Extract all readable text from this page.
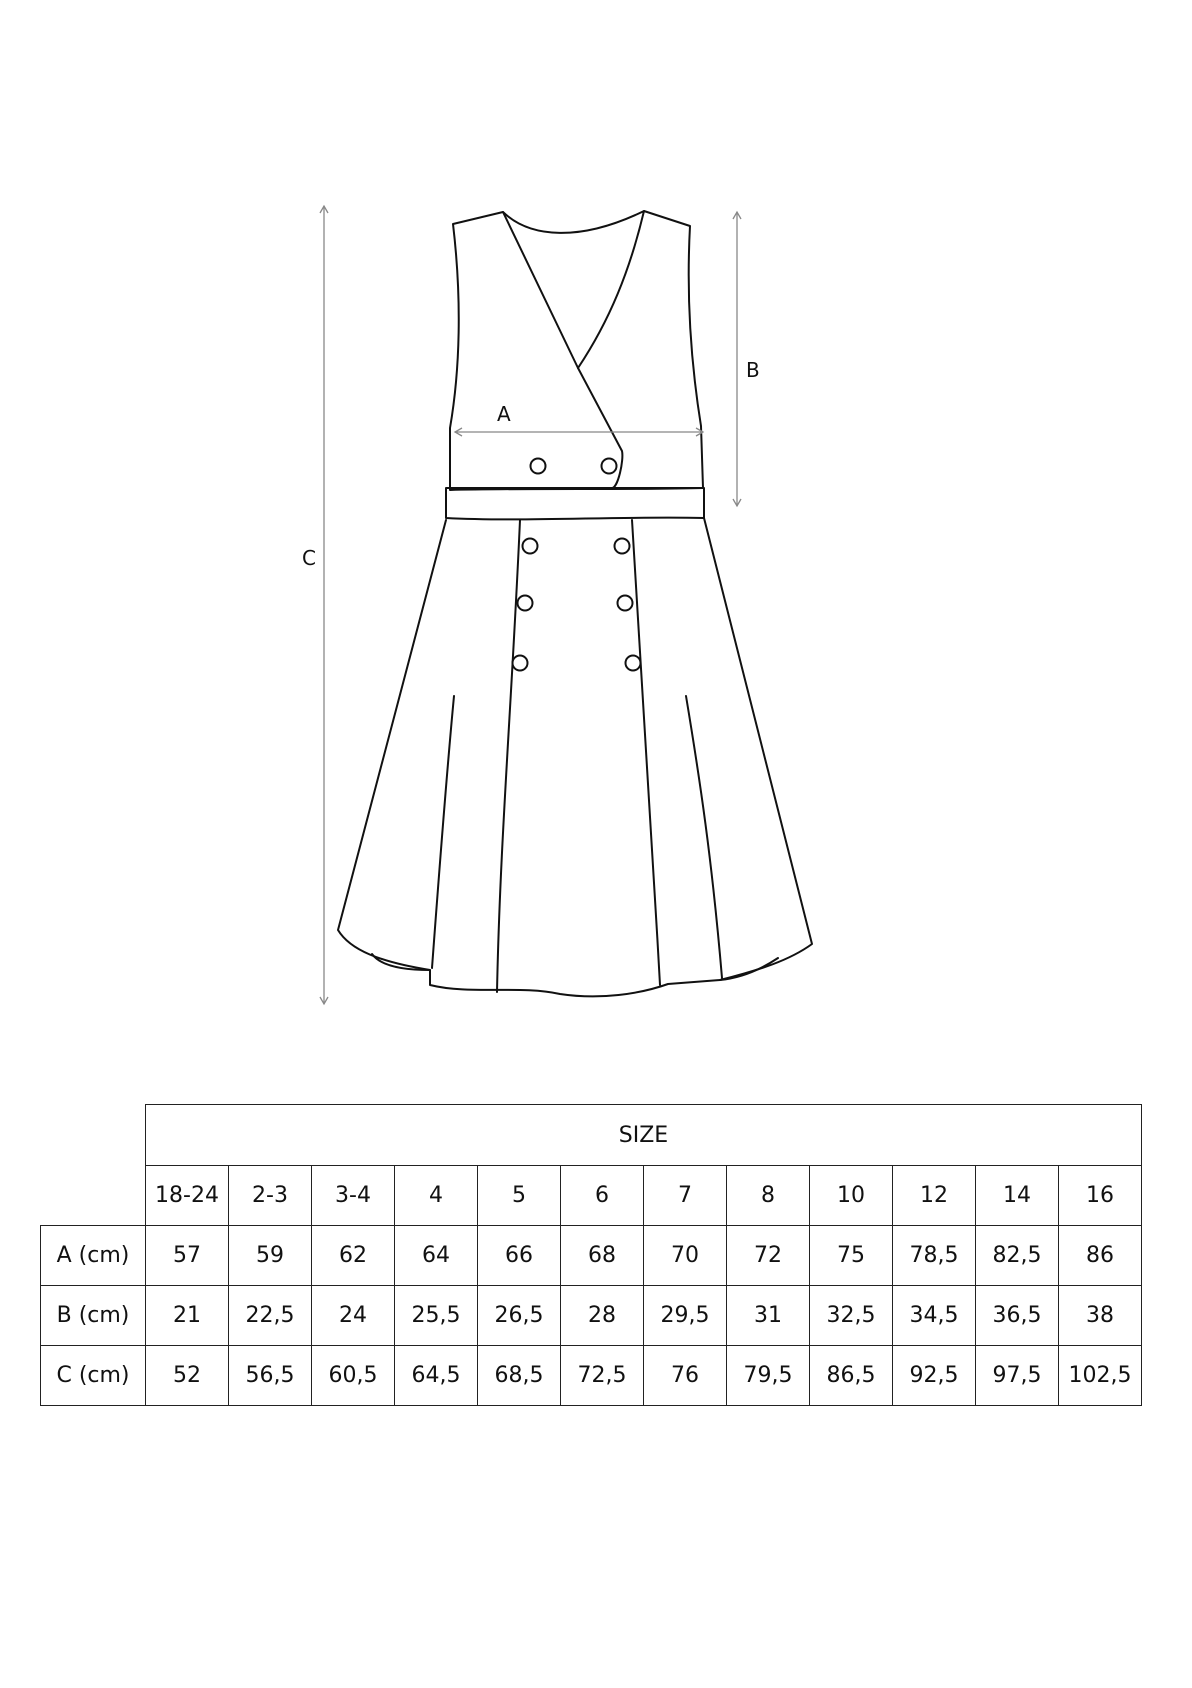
A
B
C
	SIZE											
	18-24	2-3	3-4	4	5	6	7	8	10	12	14	16
A (cm)	57	59	62	64	66	68	70	72	75	78,5	82,5	86
B (cm)	21	22,5	24	25,5	26,5	28	29,5	31	32,5	34,5	36,5	38
C (cm)	52	56,5	60,5	64,5	68,5	72,5	76	79,5	86,5	92,5	97,5	102,5
